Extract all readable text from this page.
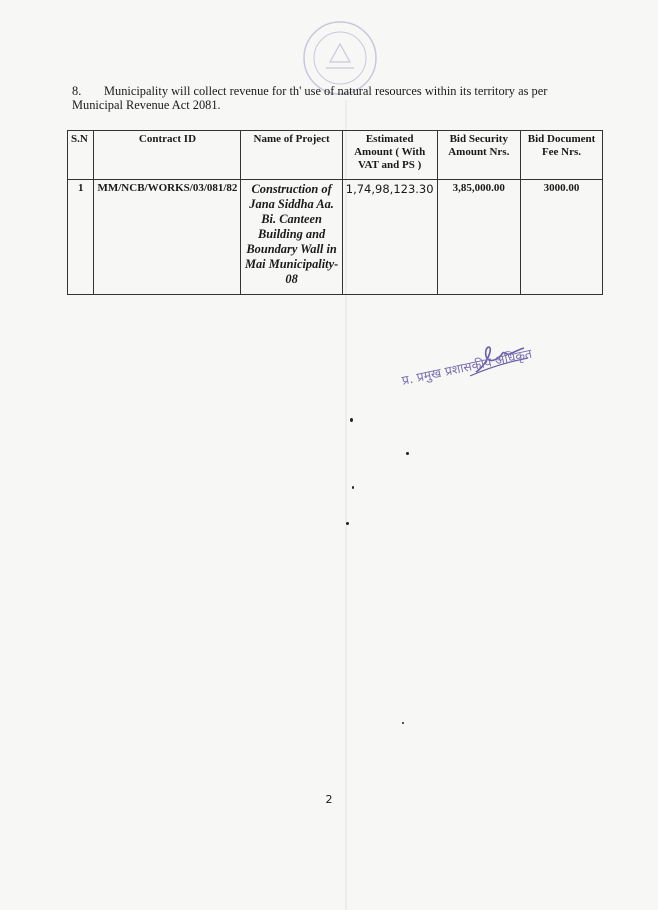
8. Municipality will collect revenue for th' use of natural resources within its territory as per Municipal Revenue Act 2081.
S.N	Contract ID	Name of Project	Estimated Amount ( With VAT and PS )	Bid Security Amount Nrs.	Bid Document Fee Nrs.
1	MM/NCB/WORKS/03/081/82	Construction of Jana Siddha Aa. Bi. Canteen Building and Boundary Wall in Mai Municipality-08	1,74,98,123.30	3,85,000.00	3000.00
प्र. प्रमुख प्रशासकीय अधिकृत
2
